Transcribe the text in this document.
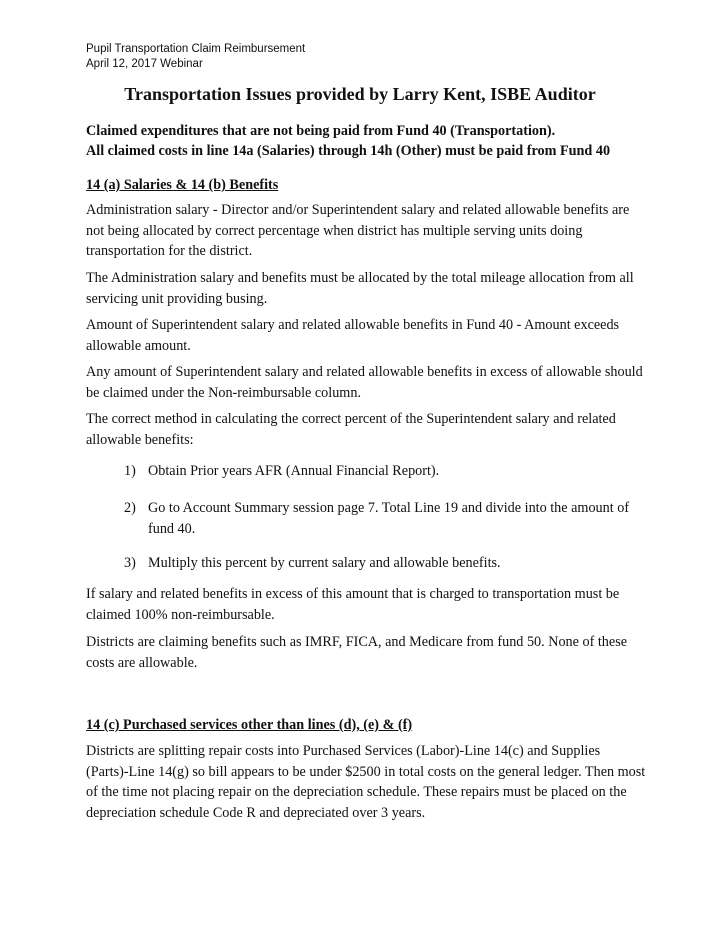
Pupil Transportation Claim Reimbursement
April 12, 2017 Webinar
Transportation Issues provided by Larry Kent, ISBE Auditor
Claimed expenditures that are not being paid from Fund 40 (Transportation).
All claimed costs in line 14a (Salaries) through 14h (Other) must be paid from Fund 40
14 (a) Salaries & 14 (b) Benefits
Administration salary - Director and/or Superintendent salary and related allowable benefits are not being allocated by correct percentage when district has multiple serving units doing transportation for the district.
The Administration salary and benefits must be allocated by the total mileage allocation from all servicing unit providing busing.
Amount of Superintendent salary and related allowable benefits in Fund 40 - Amount exceeds allowable amount.
Any amount of Superintendent salary and related allowable benefits in excess of allowable should be claimed under the Non-reimbursable column.
The correct method in calculating the correct percent of the Superintendent salary and related allowable benefits:
1) Obtain Prior years AFR (Annual Financial Report).
2) Go to Account Summary session page 7. Total Line 19 and divide into the amount of fund 40.
3) Multiply this percent by current salary and allowable benefits.
If salary and related benefits in excess of this amount that is charged to transportation must be claimed 100% non-reimbursable.
Districts are claiming benefits such as IMRF, FICA, and Medicare from fund 50. None of these costs are allowable.
14 (c) Purchased services other than lines (d), (e) & (f)
Districts are splitting repair costs into Purchased Services (Labor)-Line 14(c) and Supplies (Parts)-Line 14(g) so bill appears to be under $2500 in total costs on the general ledger. Then most of the time not placing repair on the depreciation schedule. These repairs must be placed on the depreciation schedule Code R and depreciated over 3 years.
